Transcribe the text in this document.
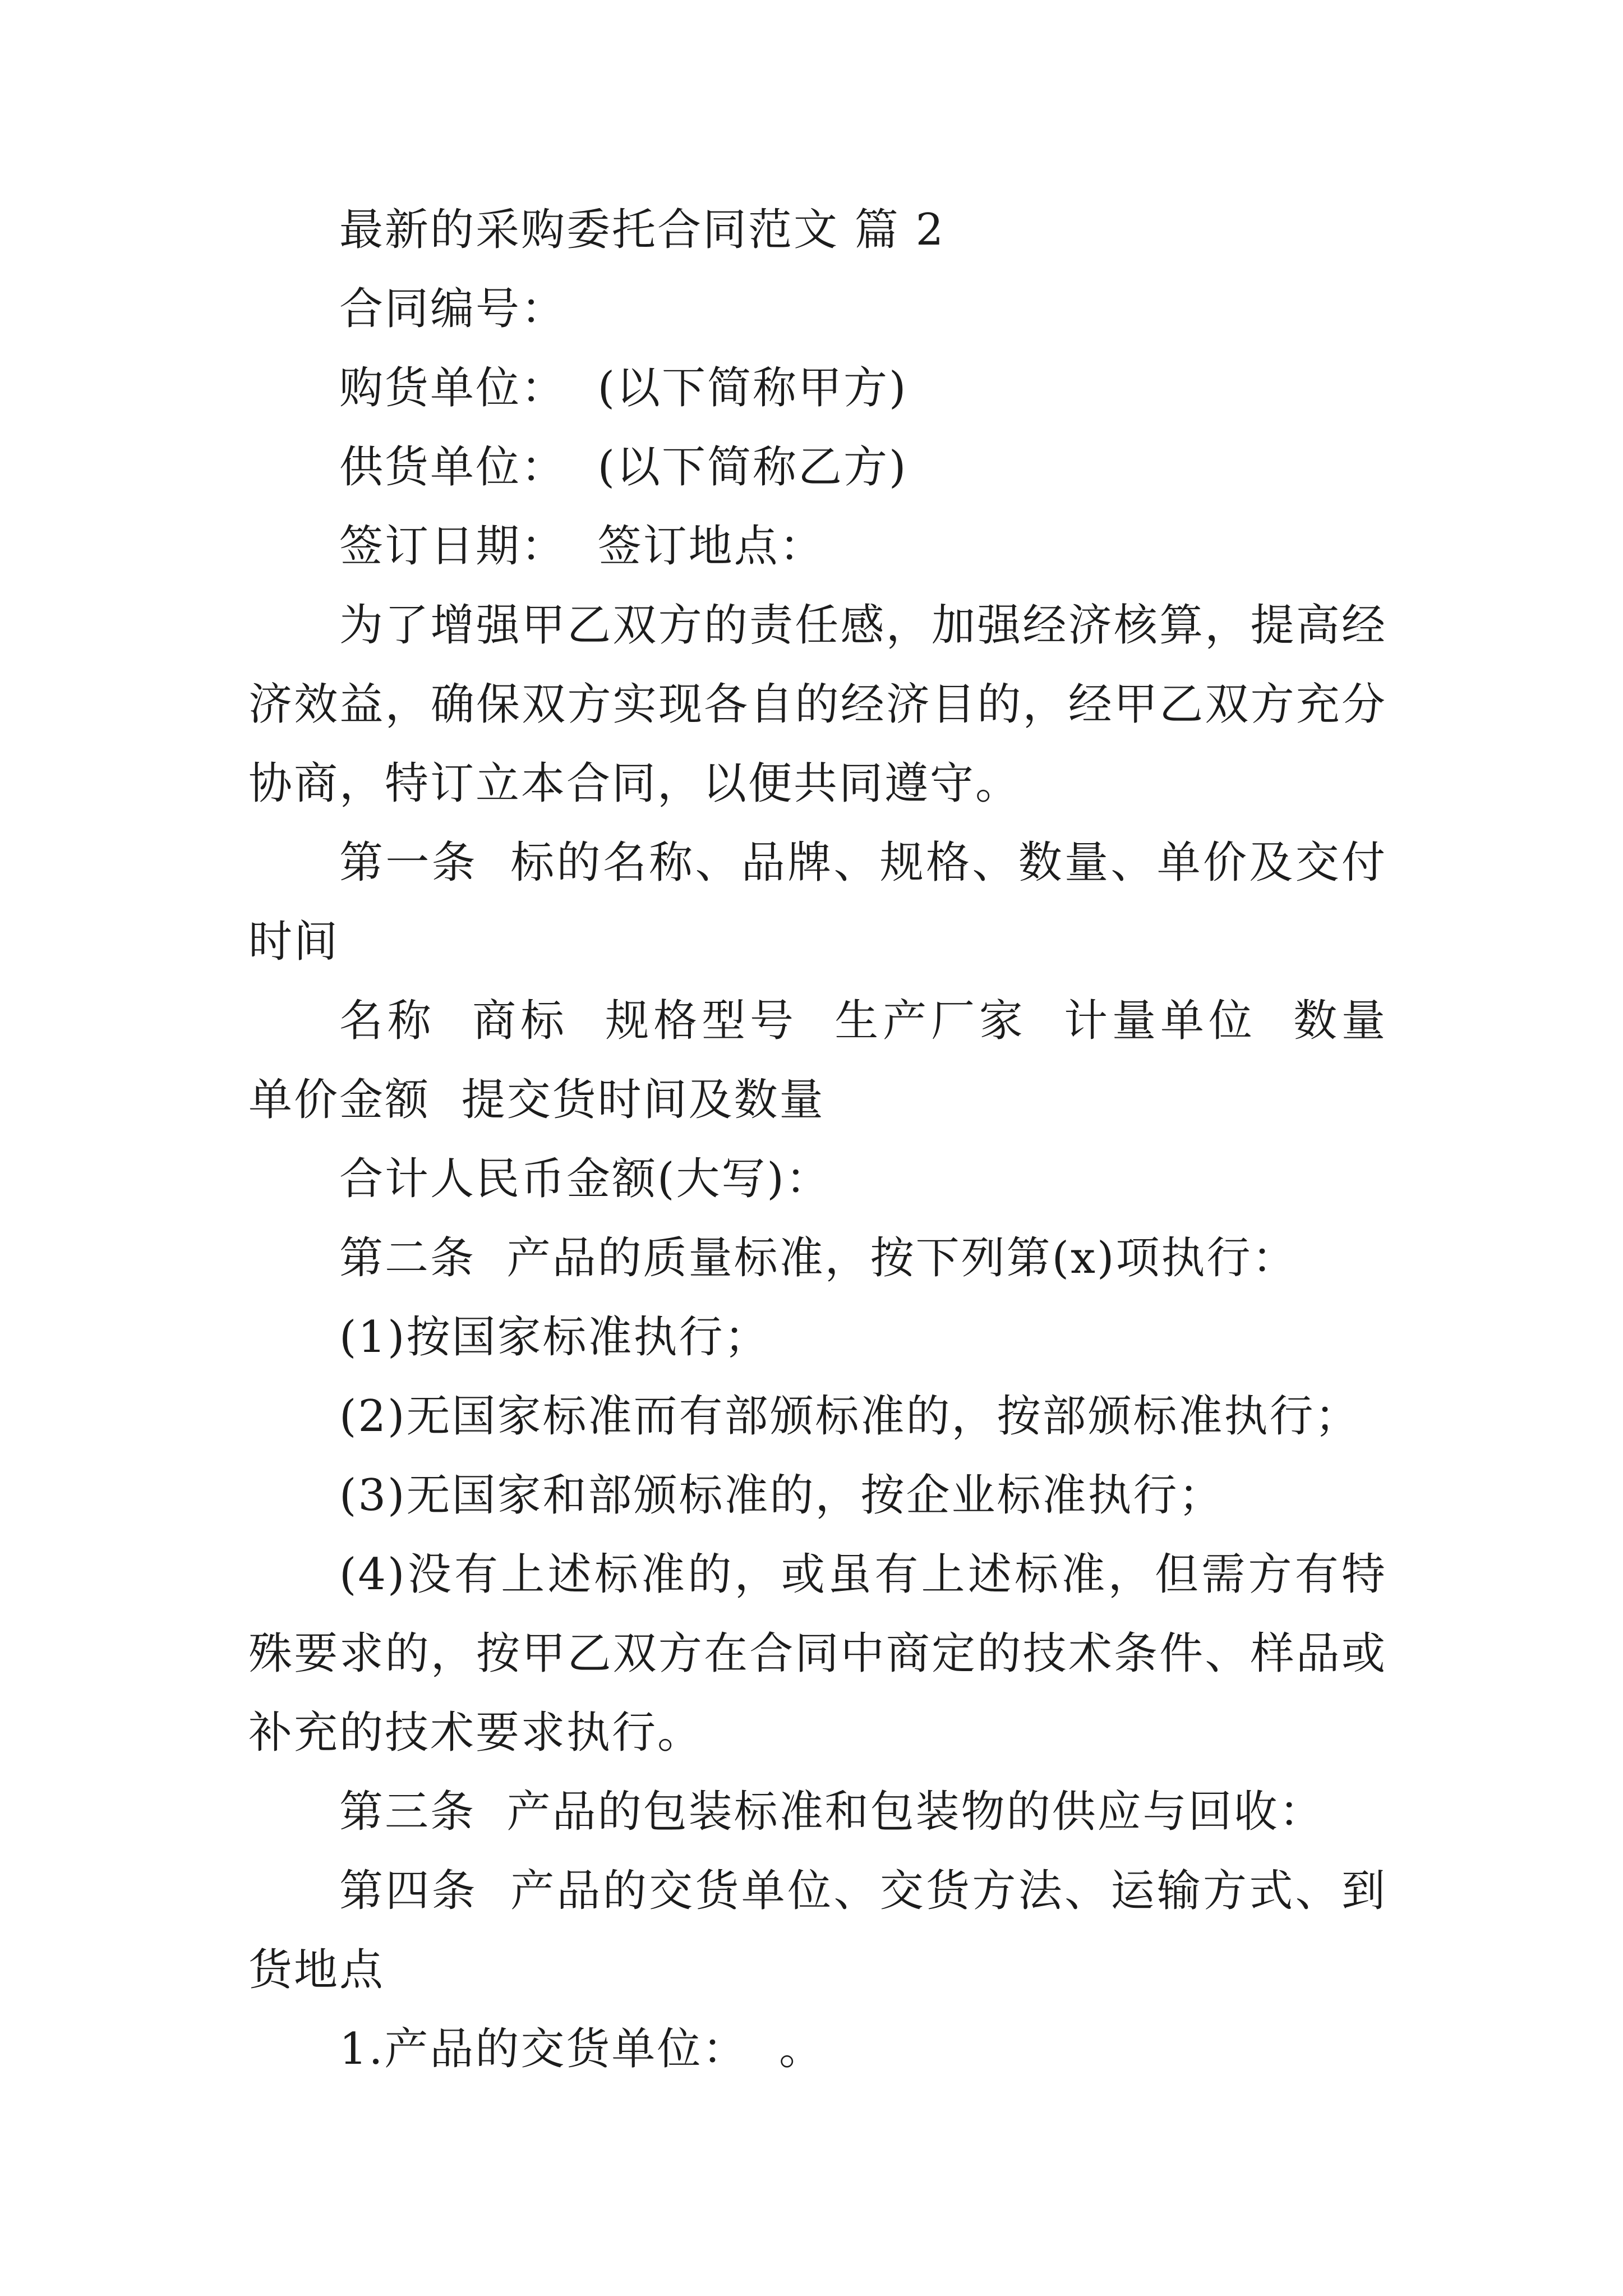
最新的采购委托合同范文 篇 2

合同编号：

购货单位：  (以下简称甲方)

供货单位：  (以下简称乙方)

签订日期：  签订地点：

为了增强甲乙双方的责任感，加强经济核算，提高经济效益，确保双方实现各自的经济目的，经甲乙双方充分协商，特订立本合同，以便共同遵守。

第一条  标的名称、品牌、规格、数量、单价及交付时间

名称  商标  规格型号  生产厂家  计量单位  数量  单价金额  提交货时间及数量

合计人民币金额(大写)：

第二条  产品的质量标准，按下列第(x)项执行：

(1)按国家标准执行；

(2)无国家标准而有部颁标准的，按部颁标准执行；

(3)无国家和部颁标准的，按企业标准执行；

(4)没有上述标准的，或虽有上述标准，但需方有特殊要求的，按甲乙双方在合同中商定的技术条件、样品或补充的技术要求执行。

第三条  产品的包装标准和包装物的供应与回收：

第四条  产品的交货单位、交货方法、运输方式、到货地点

1.产品的交货单位：  。
